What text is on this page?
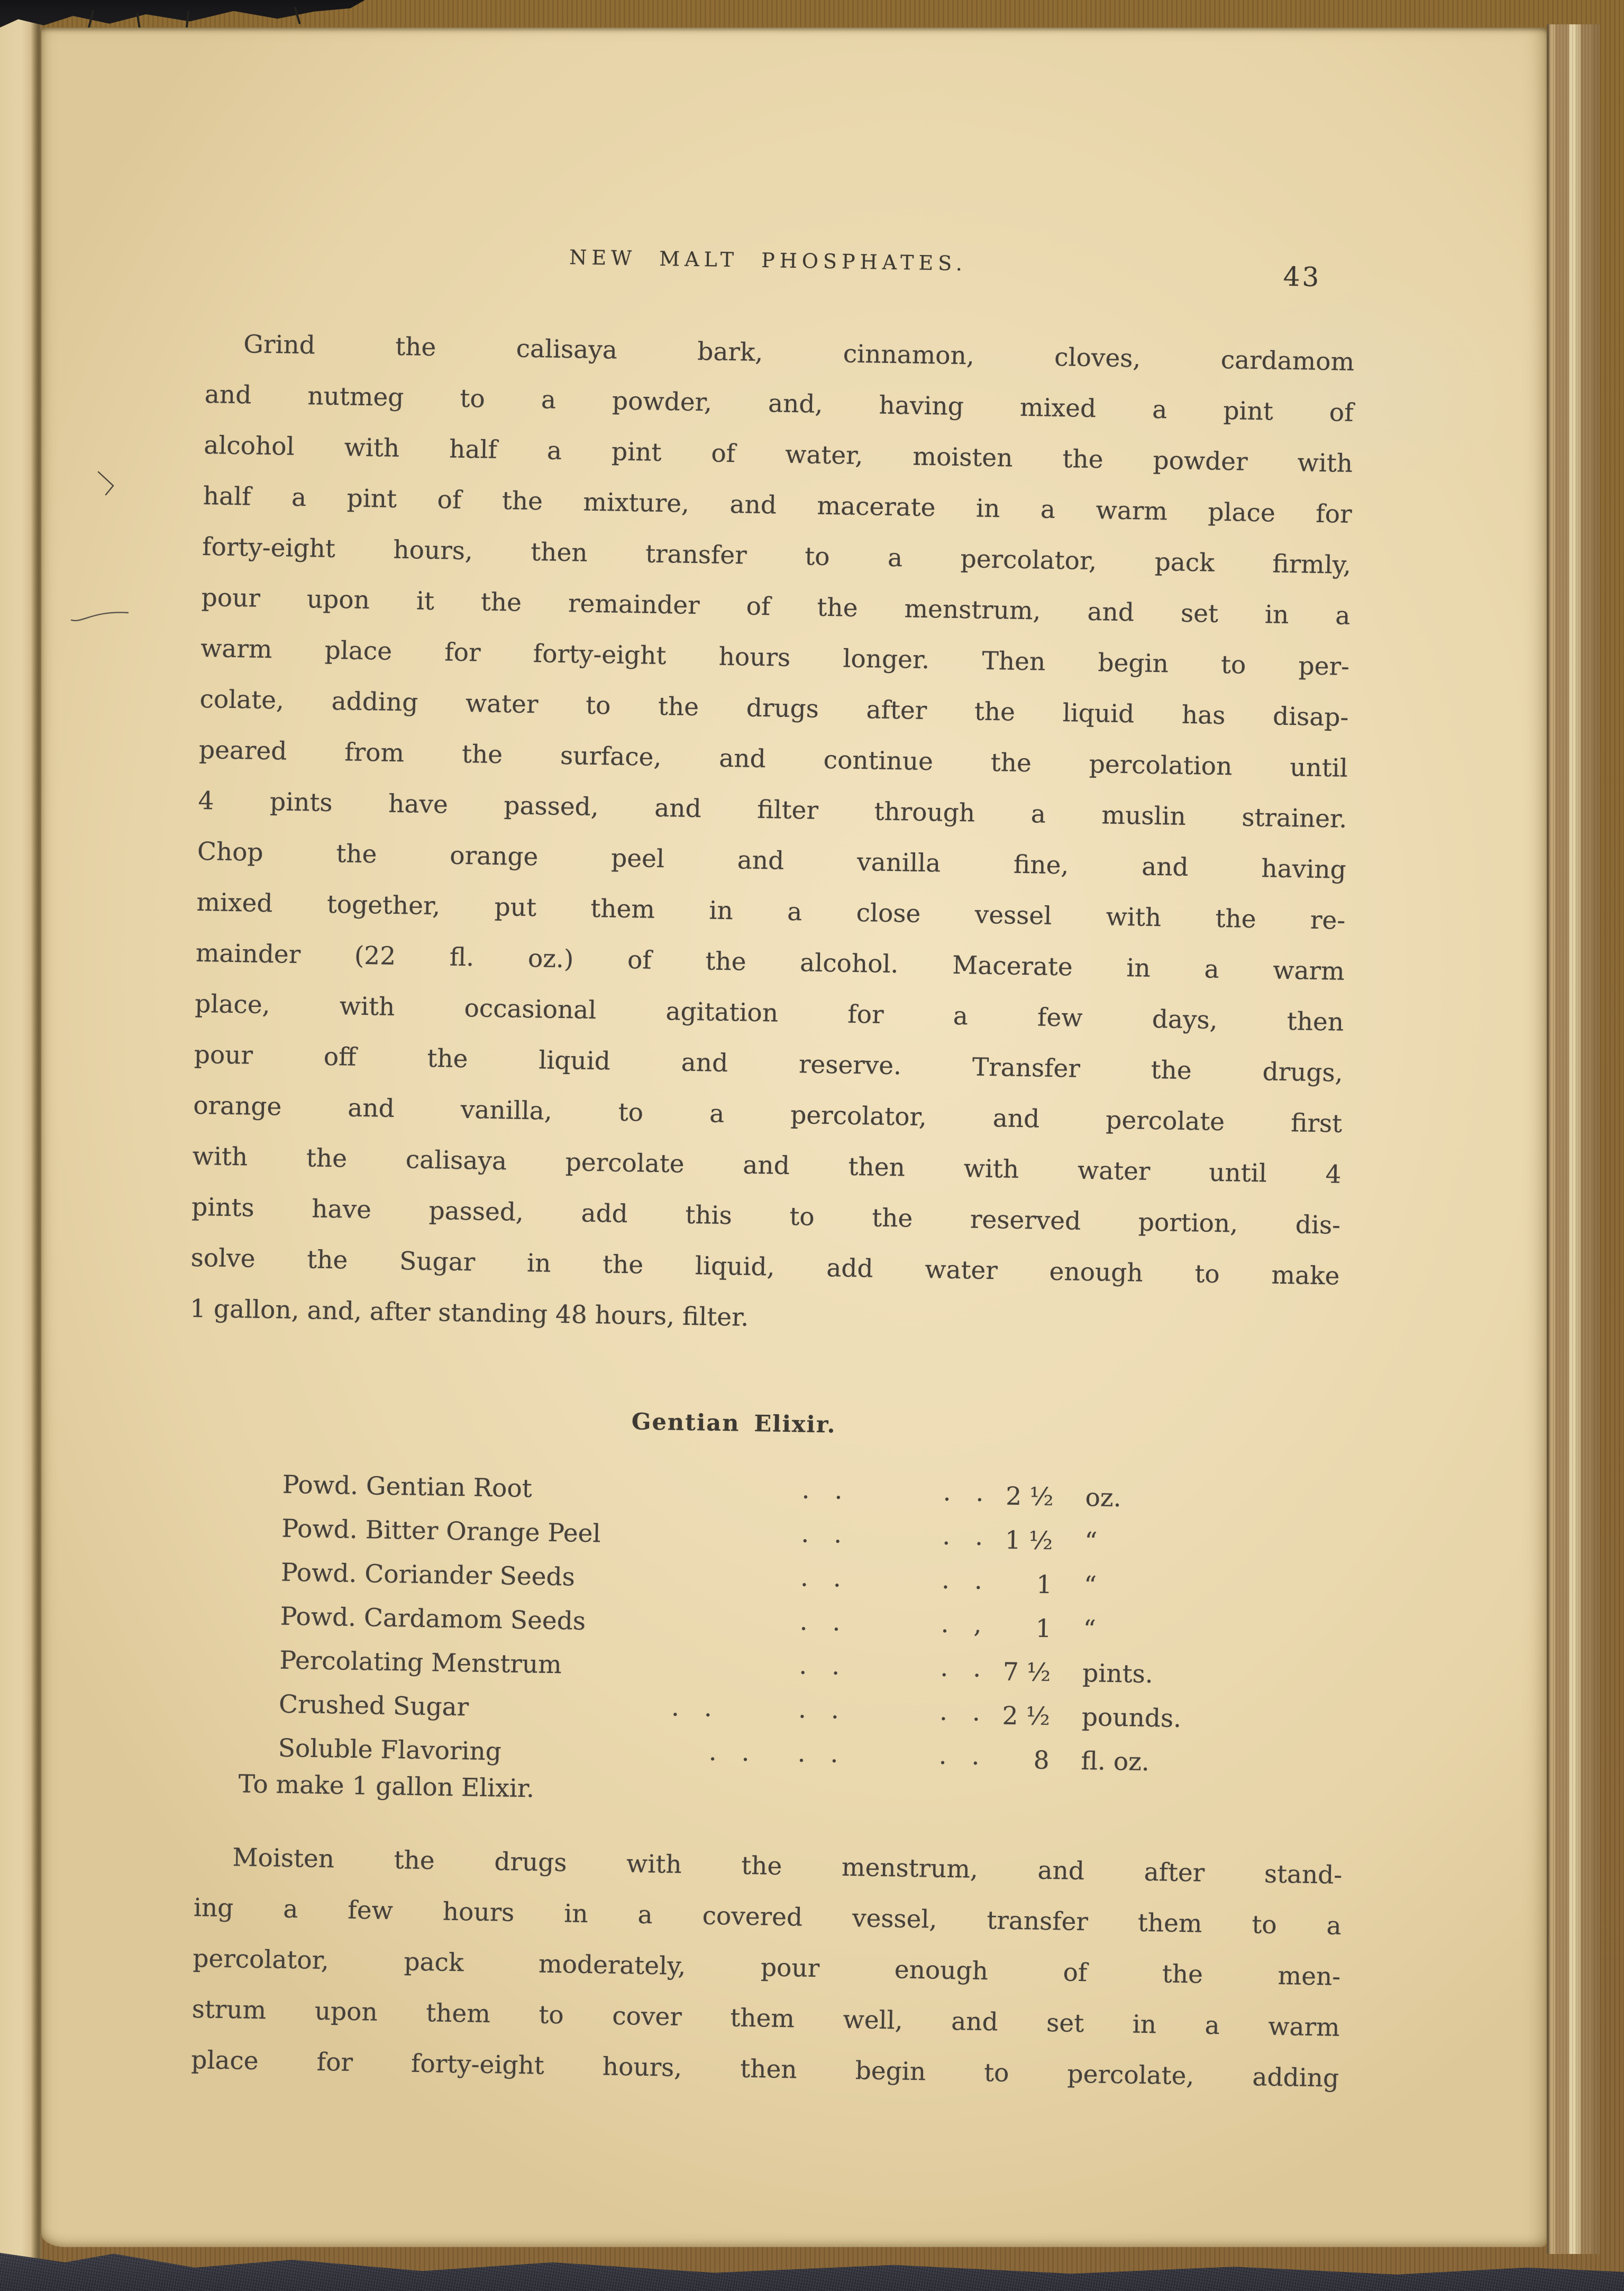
NEW MALT PHOSPHATES.
43
Grind the calisaya bark, cinnamon, cloves, cardamom
and nutmeg to a powder, and, having mixed a pint of
alcohol with half a pint of water, moisten the powder with
half a pint of the mixture, and macerate in a warm place for
forty-eight hours, then transfer to a percolator, pack firmly,
pour upon it the remainder of the menstrum, and set in a
warm place for forty-eight hours longer. Then begin to per-
colate, adding water to the drugs after the liquid has disap-
peared from the surface, and continue the percolation until
4 pints have passed, and filter through a muslin strainer.
Chop the orange peel and vanilla fine, and having
mixed together, put them in a close vessel with the re-
mainder (22 fl. oz.) of the alcohol. Macerate in a warm
place, with occasional agitation for a few days, then
pour off the liquid and reserve. Transfer the drugs,
orange and vanilla, to a percolator, and percolate first
with the calisaya percolate and then with water until 4
pints have passed, add this to the reserved portion, dis-
solve the Sugar in the liquid, add water enough to make
1 gallon, and, after standing 48 hours, filter.
Gentian Elixir.
Powd. Gentian Root	. .	. . 2 ½ oz.
Powd. Bitter Orange Peel	. .	. . 1 ½ “
Powd. Coriander Seeds	. .	. .	1 “
Powd. Cardamom Seeds	. .	. ,	1 “
Percolating Menstrum	. .	. . 7 ½ pints.
Crushed Sugar	. .	. .	. . 2 ½ pounds.
Soluble Flavoring	. . . .	. .	8 fl. oz.
To make 1 gallon Elixir.
Moisten the drugs with the menstrum, and after stand-
ing a few hours in a covered vessel, transfer them to a
percolator, pack moderately, pour enough of the men-
strum upon them to cover them well, and set in a warm
place for forty-eight hours, then begin to percolate, adding
